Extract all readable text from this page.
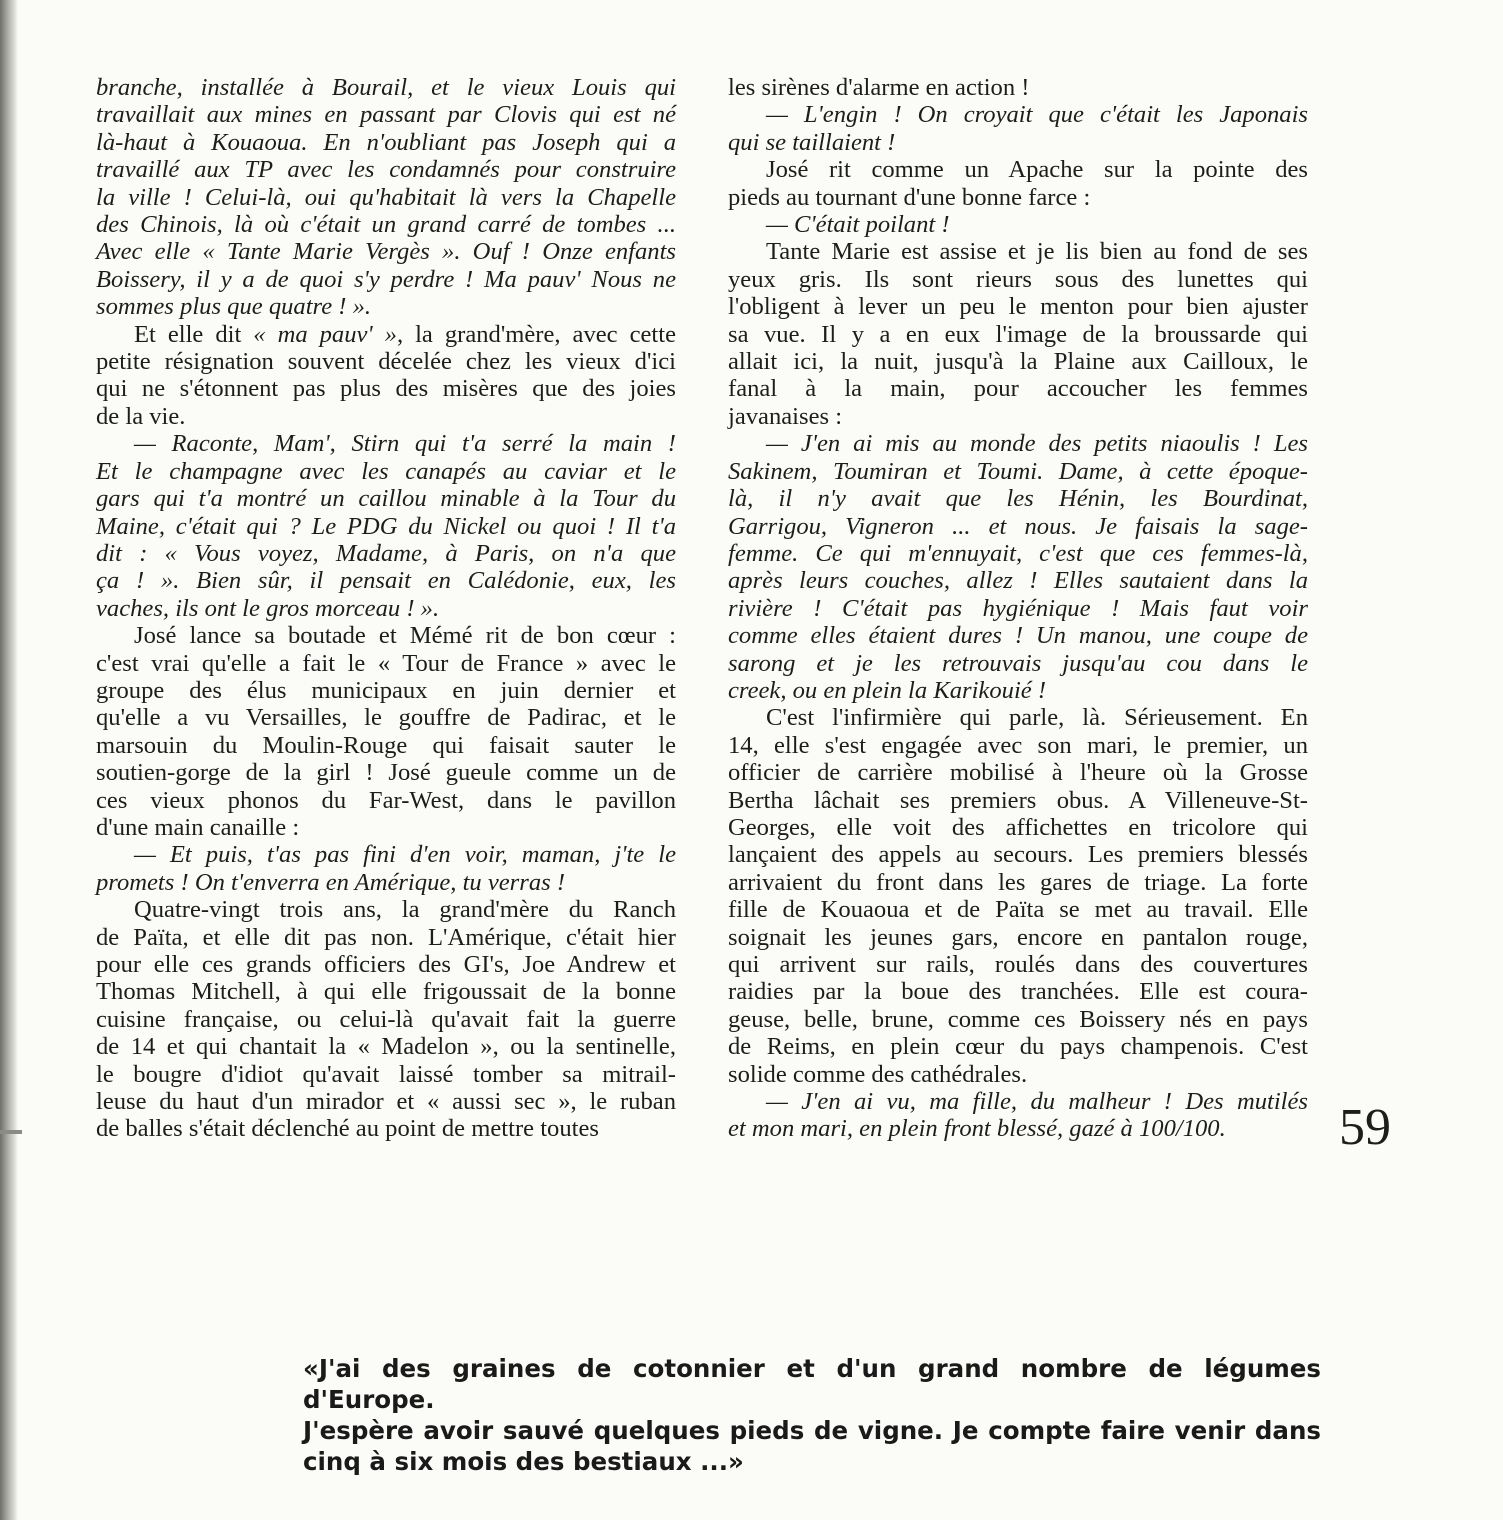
branche, installée à Bourail, et le vieux Louis qui
travaillait aux mines en passant par Clovis qui est né
là-haut à Kouaoua. En n'oubliant pas Joseph qui a
travaillé aux TP avec les condamnés pour construire
la ville ! Celui-là, oui qu'habitait là vers la Chapelle
des Chinois, là où c'était un grand carré de tombes ...
Avec elle « Tante Marie Vergès ». Ouf ! Onze enfants
Boissery, il y a de quoi s'y perdre ! Ma pauv' Nous ne
sommes plus que quatre ! ».
Et elle dit « ma pauv' », la grand'mère, avec cette
petite résignation souvent décelée chez les vieux d'ici
qui ne s'étonnent pas plus des misères que des joies
de la vie.
— Raconte, Mam', Stirn qui t'a serré la main !
Et le champagne avec les canapés au caviar et le
gars qui t'a montré un caillou minable à la Tour du
Maine, c'était qui ? Le PDG du Nickel ou quoi ! Il t'a
dit : « Vous voyez, Madame, à Paris, on n'a que
ça ! ». Bien sûr, il pensait en Calédonie, eux, les
vaches, ils ont le gros morceau ! ».
José lance sa boutade et Mémé rit de bon cœur :
c'est vrai qu'elle a fait le « Tour de France » avec le
groupe des élus municipaux en juin dernier et
qu'elle a vu Versailles, le gouffre de Padirac, et le
marsouin du Moulin-Rouge qui faisait sauter le
soutien-gorge de la girl ! José gueule comme un de
ces vieux phonos du Far-West, dans le pavillon
d'une main canaille :
— Et puis, t'as pas fini d'en voir, maman, j'te le
promets ! On t'enverra en Amérique, tu verras !
Quatre-vingt trois ans, la grand'mère du Ranch
de Païta, et elle dit pas non. L'Amérique, c'était hier
pour elle ces grands officiers des GI's, Joe Andrew et
Thomas Mitchell, à qui elle frigoussait de la bonne
cuisine française, ou celui-là qu'avait fait la guerre
de 14 et qui chantait la « Madelon », ou la sentinelle,
le bougre d'idiot qu'avait laissé tomber sa mitrail-
leuse du haut d'un mirador et « aussi sec », le ruban
de balles s'était déclenché au point de mettre toutes
les sirènes d'alarme en action !
— L'engin ! On croyait que c'était les Japonais
qui se taillaient !
José rit comme un Apache sur la pointe des
pieds au tournant d'une bonne farce :
— C'était poilant !
Tante Marie est assise et je lis bien au fond de ses
yeux gris. Ils sont rieurs sous des lunettes qui
l'obligent à lever un peu le menton pour bien ajuster
sa vue. Il y a en eux l'image de la broussarde qui
allait ici, la nuit, jusqu'à la Plaine aux Cailloux, le
fanal à la main, pour accoucher les femmes
javanaises :
— J'en ai mis au monde des petits niaoulis ! Les
Sakinem, Toumiran et Toumi. Dame, à cette époque-
là, il n'y avait que les Hénin, les Bourdinat,
Garrigou, Vigneron ... et nous. Je faisais la sage-
femme. Ce qui m'ennuyait, c'est que ces femmes-là,
après leurs couches, allez ! Elles sautaient dans la
rivière ! C'était pas hygiénique ! Mais faut voir
comme elles étaient dures ! Un manou, une coupe de
sarong et je les retrouvais jusqu'au cou dans le
creek, ou en plein la Karikouié !
C'est l'infirmière qui parle, là. Sérieusement. En
14, elle s'est engagée avec son mari, le premier, un
officier de carrière mobilisé à l'heure où la Grosse
Bertha lâchait ses premiers obus. A Villeneuve-St-
Georges, elle voit des affichettes en tricolore qui
lançaient des appels au secours. Les premiers blessés
arrivaient du front dans les gares de triage. La forte
fille de Kouaoua et de Païta se met au travail. Elle
soignait les jeunes gars, encore en pantalon rouge,
qui arrivent sur rails, roulés dans des couvertures
raidies par la boue des tranchées. Elle est coura-
geuse, belle, brune, comme ces Boissery nés en pays
de Reims, en plein cœur du pays champenois. C'est
solide comme des cathédrales.
— J'en ai vu, ma fille, du malheur ! Des mutilés
et mon mari, en plein front blessé, gazé à 100/100.	59
«J'ai des graines de cotonnier et d'un grand nombre de légumes d'Europe.
J'espère avoir sauvé quelques pieds de vigne. Je compte faire venir dans
cinq à six mois des bestiaux ...»
